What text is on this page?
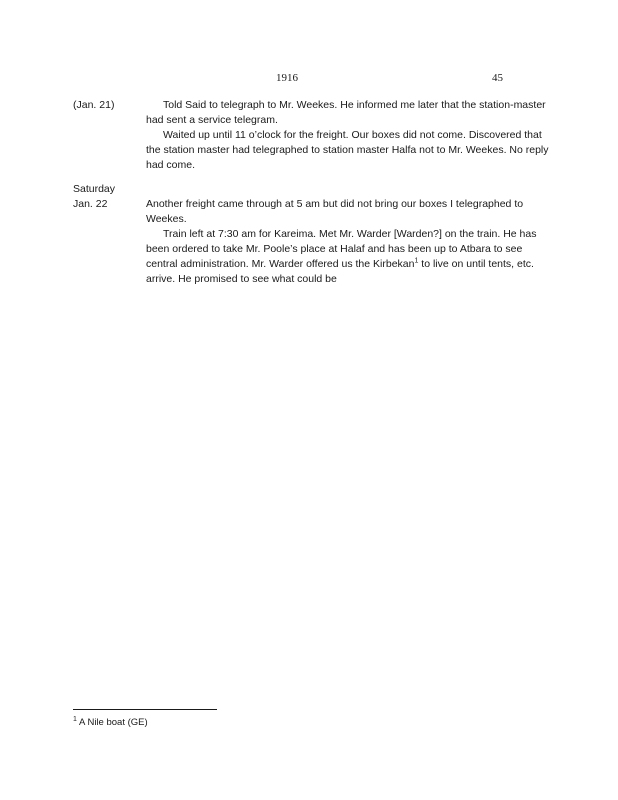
1916	45
(Jan. 21)	Told Said to telegraph to Mr. Weekes. He informed me later that the station-master had sent a service telegram.

Waited up until 11 o’clock for the freight. Our boxes did not come. Discovered that the station master had telegraphed to station master Halfa not to Mr. Weekes. No reply had come.

Saturday
Jan. 22	Another freight came through at 5 am but did not bring our boxes I telegraphed to Weekes.

Train left at 7:30 am for Kareima. Met Mr. Warder [Warden?] on the train. He has been ordered to take Mr. Poole’s place at Halaf and has been up to Atbara to see central administration. Mr. Warder offered us the Kirbekan$^1$ to live on until tents, etc. arrive. He promised to see what could be

$^1$ A Nile boat (GE)
